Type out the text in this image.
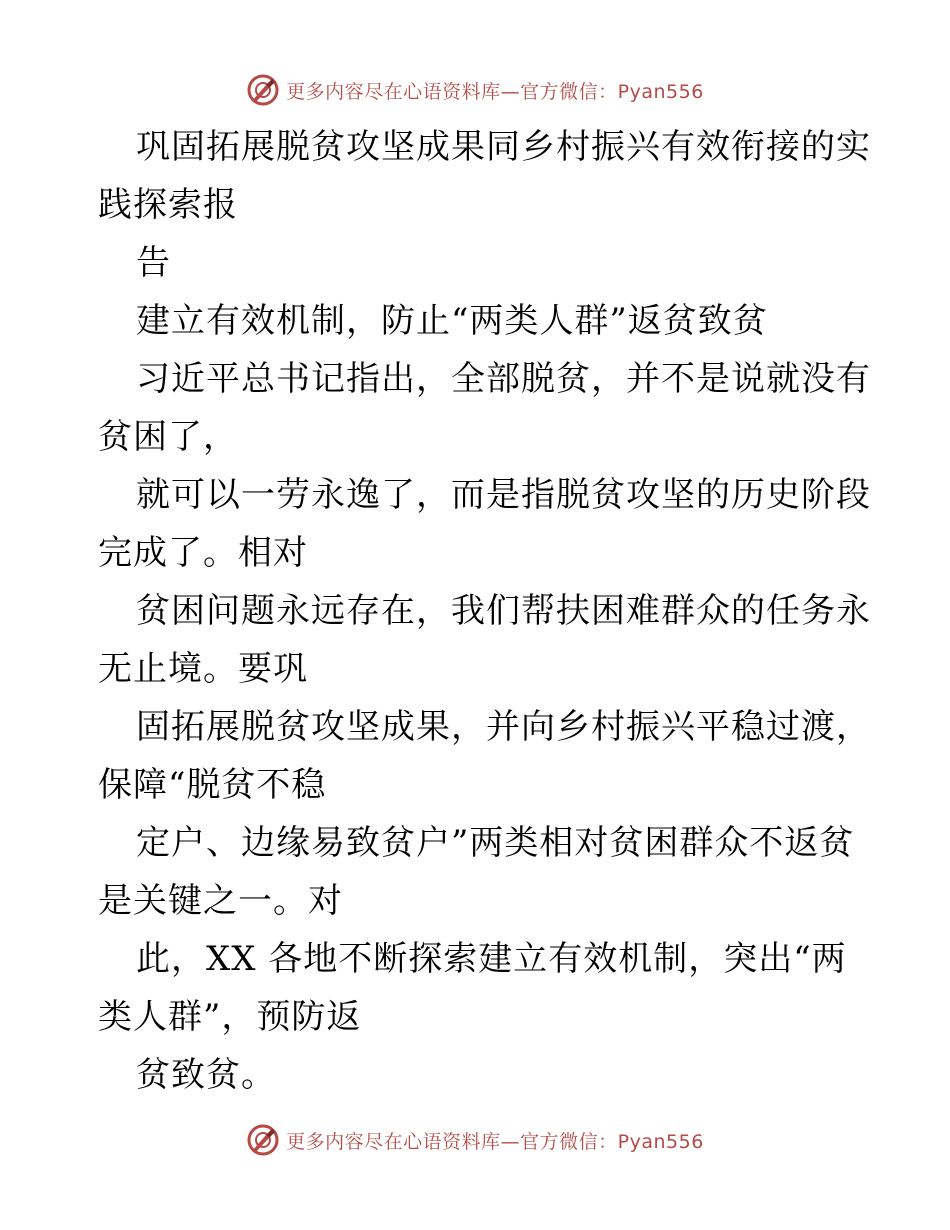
更多内容尽在心语资料库—官方微信：Pyan556
巩固拓展脱贫攻坚成果同乡村振兴有效衔接的实
践探索报
告
建立有效机制，防止“两类人群”返贫致贫
习近平总书记指出，全部脱贫，并不是说就没有
贫困了，
就可以一劳永逸了，而是指脱贫攻坚的历史阶段
完成了。相对
贫困问题永远存在，我们帮扶困难群众的任务永
无止境。要巩
固拓展脱贫攻坚成果，并向乡村振兴平稳过渡，
保障“脱贫不稳
定户、边缘易致贫户”两类相对贫困群众不返贫
是关键之一。对
此，XX 各地不断探索建立有效机制，突出“两
类人群”，预防返
贫致贫。
更多内容尽在心语资料库—官方微信：Pyan556
